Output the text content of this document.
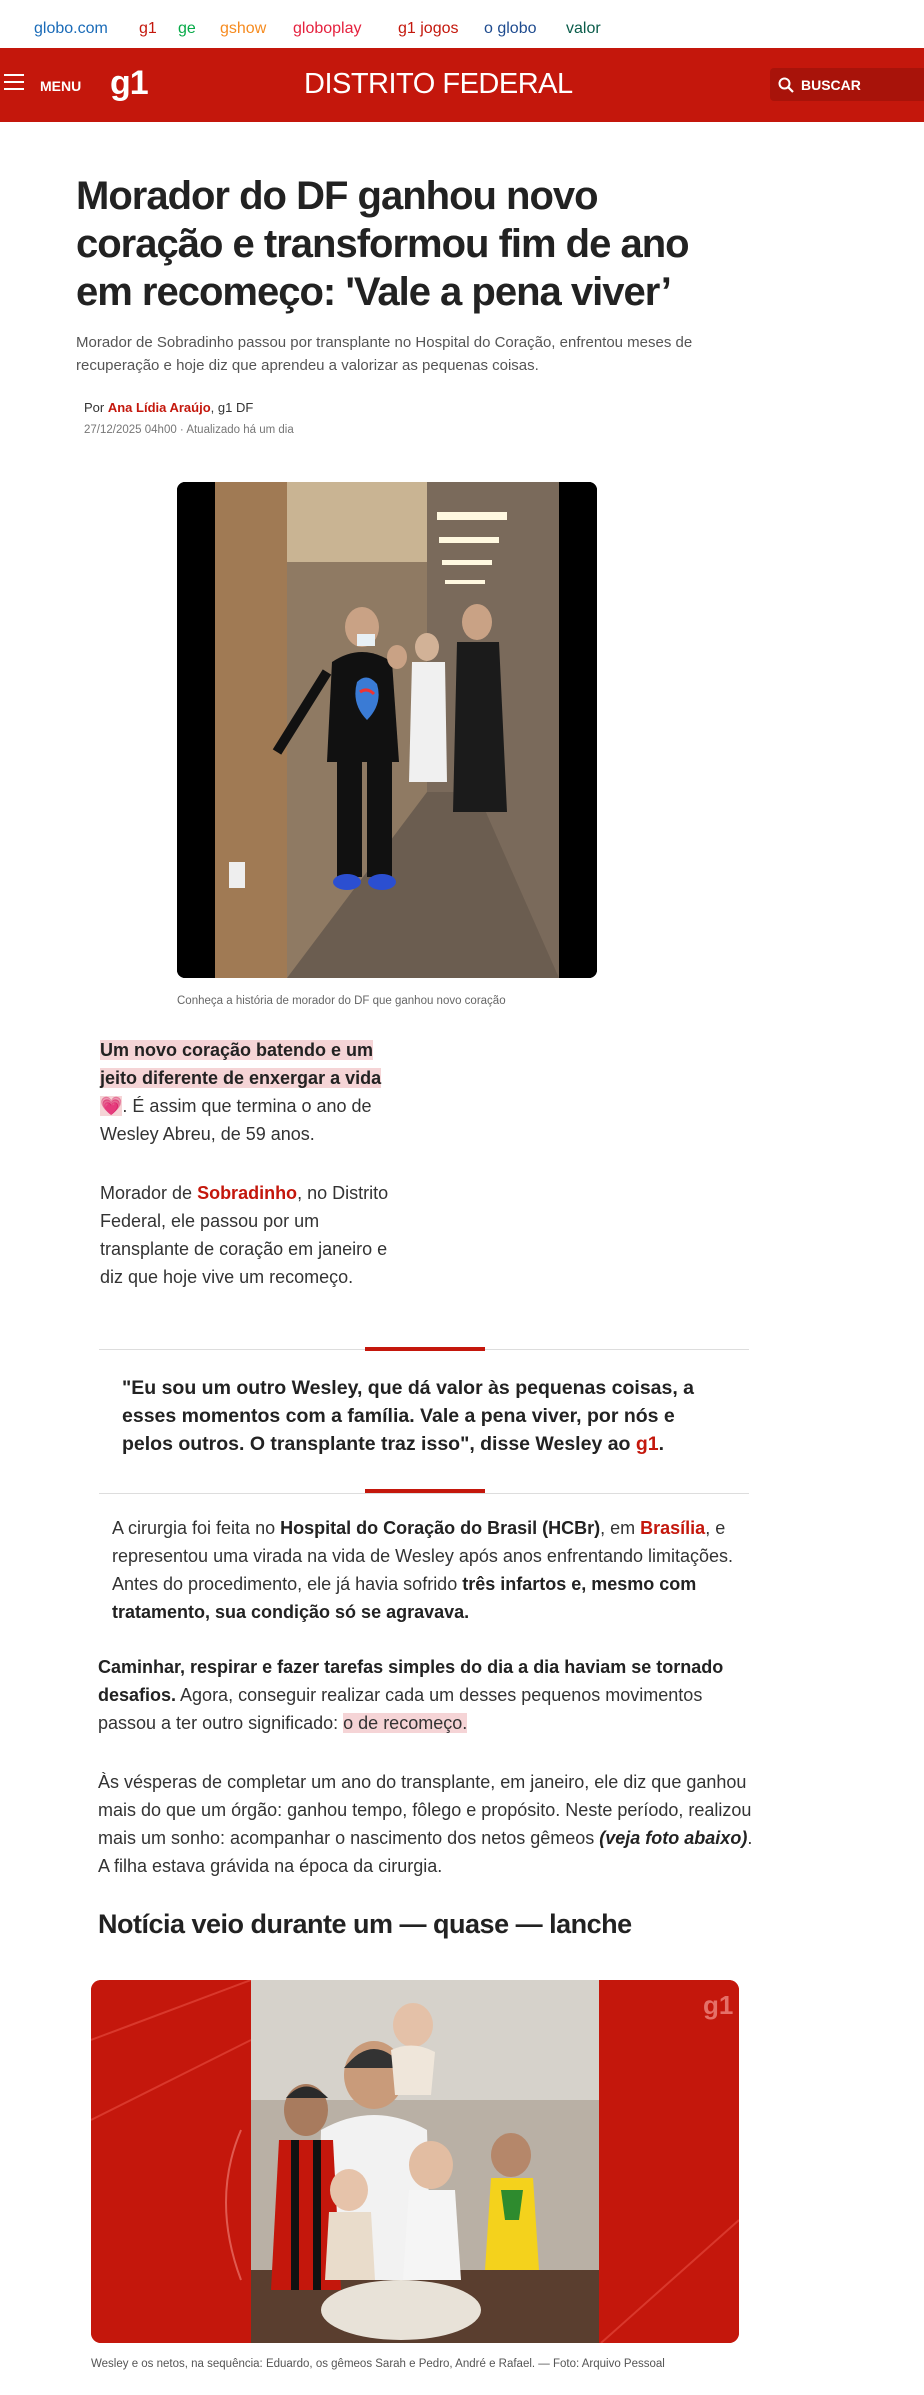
globo.com g1 ge gshow globoplay g1 jogos o globo valor
MENU g1	DISTRITO FEDERAL	BUSCAR
Morador do DF ganhou novo coração e transformou fim de ano em recomeço: 'Vale a pena viver’

Morador de Sobradinho passou por transplante no Hospital do Coração, enfrentou meses de recuperação e hoje diz que aprendeu a valorizar as pequenas coisas.

Por Ana Lídia Araújo, g1 DF
27/12/2025 04h00 · Atualizado há um dia
Conheça a história de morador do DF que ganhou novo coração

Um novo coração batendo e um jeito diferente de enxergar a vida 💗. É assim que termina o ano de Wesley Abreu, de 59 anos.

Morador de Sobradinho, no Distrito Federal, ele passou por um transplante de coração em janeiro e diz que hoje vive um recomeço.

"Eu sou um outro Wesley, que dá valor às pequenas coisas, a esses momentos com a família. Vale a pena viver, por nós e pelos outros. O transplante traz isso", disse Wesley ao g1.

A cirurgia foi feita no Hospital do Coração do Brasil (HCBr), em Brasília, e representou uma virada na vida de Wesley após anos enfrentando limitações. Antes do procedimento, ele já havia sofrido três infartos e, mesmo com tratamento, sua condição só se agravava.

Caminhar, respirar e fazer tarefas simples do dia a dia haviam se tornado desafios. Agora, conseguir realizar cada um desses pequenos movimentos passou a ter outro significado: o de recomeço.

Às vésperas de completar um ano do transplante, em janeiro, ele diz que ganhou mais do que um órgão: ganhou tempo, fôlego e propósito. Neste período, realizou mais um sonho: acompanhar o nascimento dos netos gêmeos (veja foto abaixo). A filha estava grávida na época da cirurgia.

Notícia veio durante um — quase — lanche
g1
Wesley e os netos, na sequência: Eduardo, os gêmeos Sarah e Pedro, André e Rafael. — Foto: Arquivo Pessoal
